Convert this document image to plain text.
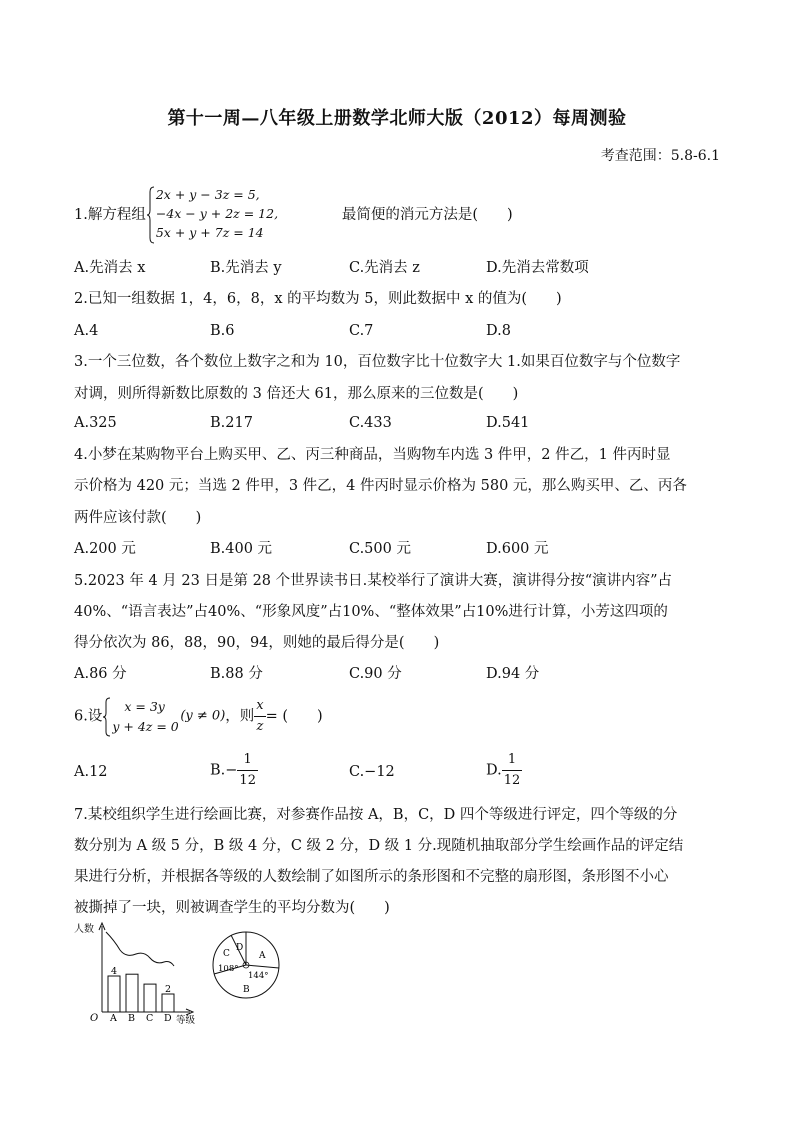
第十一周—八年级上册数学北师大版（2012）每周测验
考查范围：5.8-6.1
1.解方程组
2x + y − 3z = 5,
−4x − y + 2z = 12,
5x + y + 7z = 14
最简便的消元方法是(　　)
A.先消去 x	B.先消去 y	C.先消去 z	D.先消去常数项
2.已知一组数据 1，4，6，8，x 的平均数为 5，则此数据中 x 的值为(　　)
A.4	B.6	C.7	D.8
3.一个三位数，各个数位上数字之和为 10，百位数字比十位数字大 1.如果百位数字与个位数字
对调，则所得新数比原数的 3 倍还大 61，那么原来的三位数是(　　)
A.325	B.217	C.433	D.541
4.小梦在某购物平台上购买甲、乙、丙三种商品，当购物车内选 3 件甲，2 件乙，1 件丙时显
示价格为 420 元；当选 2 件甲，3 件乙，4 件丙时显示价格为 580 元，那么购买甲、乙、丙各
两件应该付款(　　)
A.200 元	B.400 元	C.500 元	D.600 元
5.2023 年 4 月 23 日是第 28 个世界读书日.某校举行了演讲大赛，演讲得分按“演讲内容”占
40%、“语言表达”占40%、“形象风度”占10%、“整体效果”占10%进行计算，小芳这四项的
得分依次为 86，88，90，94，则她的最后得分是(　　)
A.86 分	B.88 分	C.90 分	D.94 分
6.设
x = 3y
y + 4z = 0
(y ≠ 0)，则 $\frac{x}{z}$ = (　　)
A.12	$B.- \frac{1}{12}$	C.−12	D. $\frac{1}{12}$
7.某校组织学生进行绘画比赛，对参赛作品按 A，B，C，D 四个等级进行评定，四个等级的分
数分别为 A 级 5 分，B 级 4 分，C 级 2 分，D 级 1 分.现随机抽取部分学生绘画作品的评定结
果进行分析，并根据各等级的人数绘制了如图所示的条形图和不完整的扇形图，条形图不小心
被撕掉了一块，则被调查学生的平均分数为(　　)
人数
等级
O A
4
B C D
2
D
C	A
B
108°
144°
